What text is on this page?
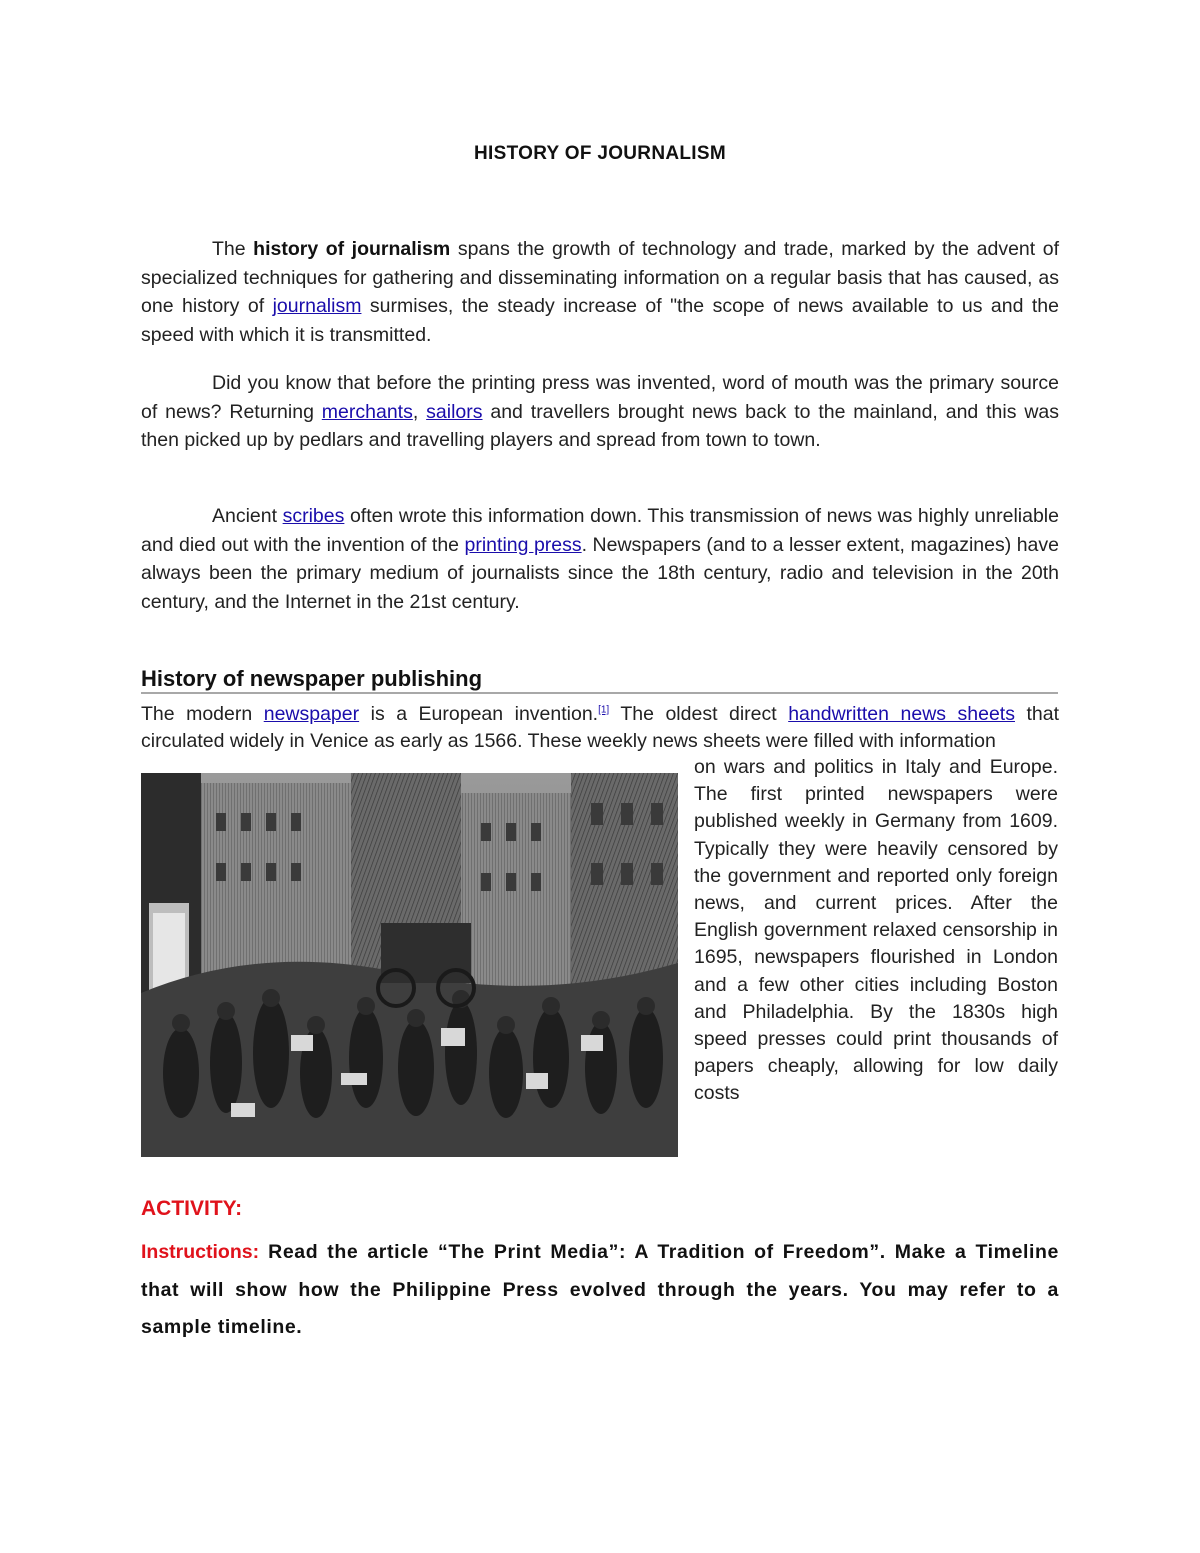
HISTORY OF JOURNALISM

The history of journalism spans the growth of technology and trade, marked by the advent of specialized techniques for gathering and disseminating information on a regular basis that has caused, as one history of journalism surmises, the steady increase of "the scope of news available to us and the speed with which it is transmitted.

Did you know that before the printing press was invented, word of mouth was the primary source of news? Returning merchants, sailors and travellers brought news back to the mainland, and this was then picked up by pedlars and travelling players and spread from town to town.

Ancient scribes often wrote this information down. This transmission of news was highly unreliable and died out with the invention of the printing press. Newspapers (and to a lesser extent, magazines) have always been the primary medium of journalists since the 18th century, radio and television in the 20th century, and the Internet in the 21st century.

History of newspaper publishing

The modern newspaper is a European invention.[1] The oldest direct handwritten news sheets that circulated widely in Venice as early as 1566. These weekly news sheets were filled with information

on wars and politics in Italy and Europe. The first printed newspapers were published weekly in Germany from 1609. Typically they were heavily censored by the government and reported only foreign news, and current prices. After the English government relaxed censorship in 1695, newspapers flourished in London and a few other cities including Boston and Philadelphia. By the 1830s high speed presses could print thousands of papers cheaply, allowing for low daily costs

ACTIVITY:

Instructions: Read the article “The Print Media”: A Tradition of Freedom”. Make a Timeline that will show how the Philippine Press evolved through the years. You may refer to a sample timeline.
